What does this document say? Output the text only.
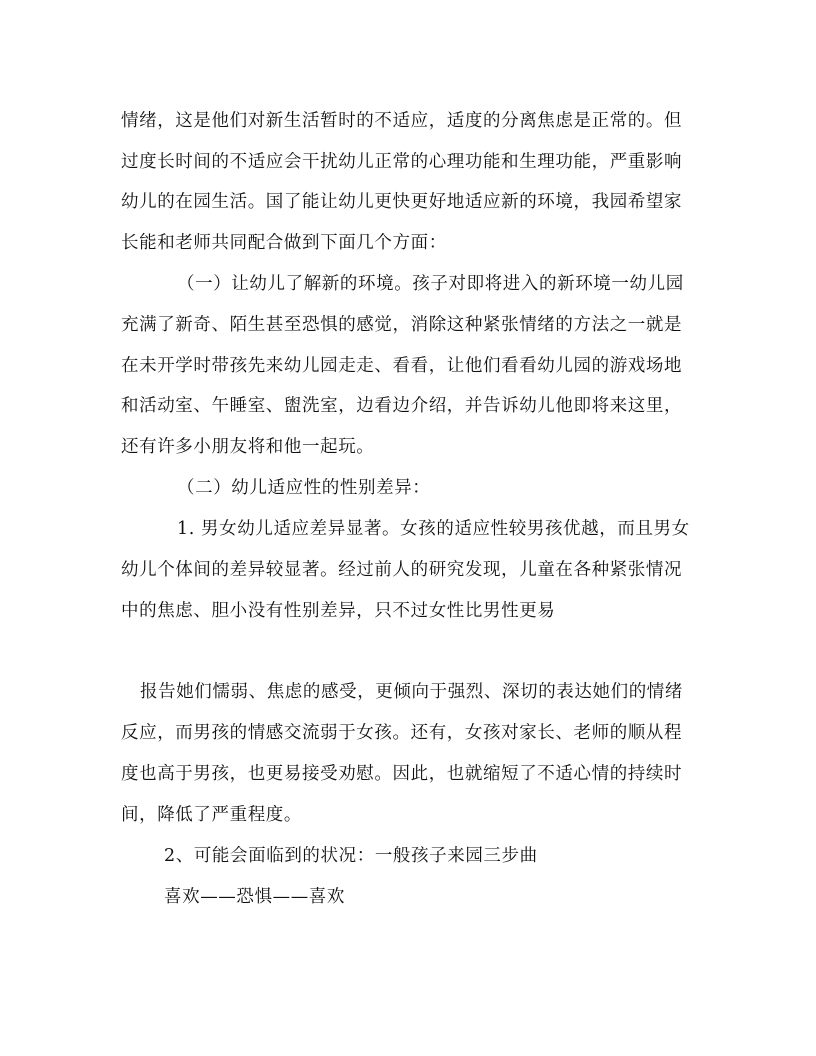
情绪，这是他们对新生活暂时的不适应，适度的分离焦虑是正常的。但
过度长时间的不适应会干扰幼儿正常的心理功能和生理功能，严重影响
幼儿的在园生活。国了能让幼儿更快更好地适应新的环境，我园希望家
长能和老师共同配合做到下面几个方面：
（一）让幼儿了解新的环境。孩子对即将进入的新环境一幼儿园
充满了新奇、陌生甚至恐惧的感觉，消除这种紧张情绪的方法之一就是
在未开学时带孩先来幼儿园走走、看看，让他们看看幼儿园的游戏场地
和活动室、午睡室、盥洗室，边看边介绍，并告诉幼儿他即将来这里，
还有许多小朋友将和他一起玩。
（二）幼儿适应性的性别差异：
1. 男女幼儿适应差异显著。女孩的适应性较男孩优越，而且男女
幼儿个体间的差异较显著。经过前人的研究发现，儿童在各种紧张情况
中的焦虑、胆小没有性别差异，只不过女性比男性更易
报告她们懦弱、焦虑的感受，更倾向于强烈、深切的表达她们的情绪
反应，而男孩的情感交流弱于女孩。还有，女孩对家长、老师的顺从程
度也高于男孩，也更易接受劝慰。因此，也就缩短了不适心情的持续时
间，降低了严重程度。
2、可能会面临到的状况：一般孩子来园三步曲
喜欢——恐惧——喜欢
